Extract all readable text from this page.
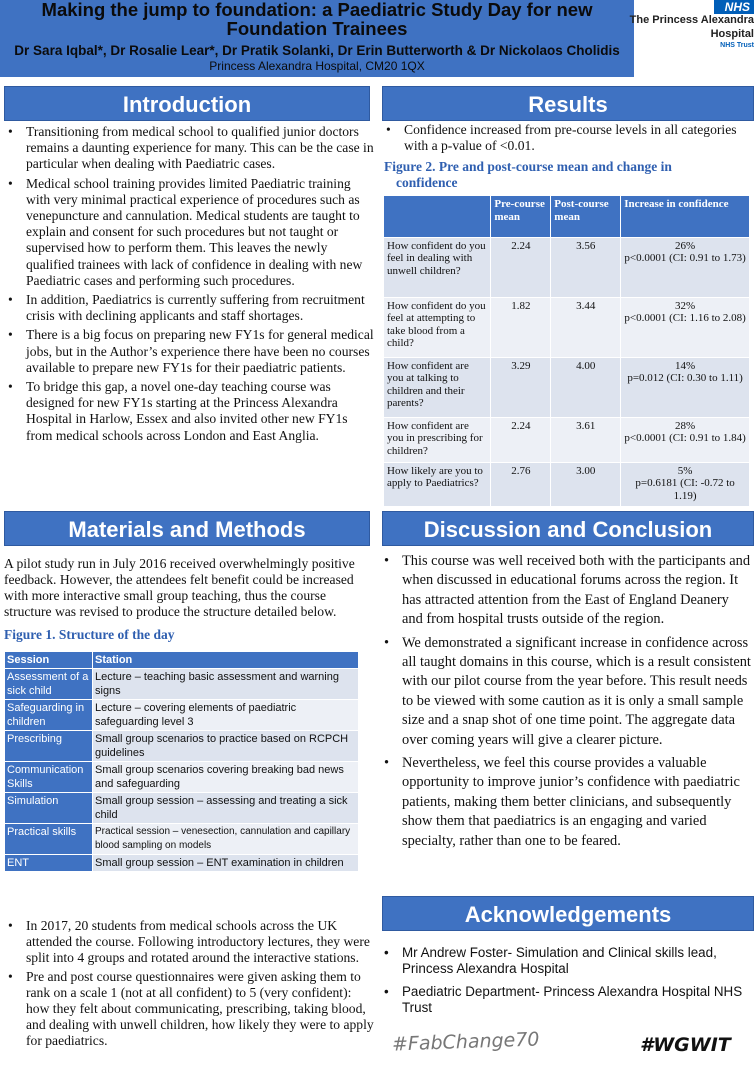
Making the jump to foundation: a Paediatric Study Day for new
Foundation Trainees
Dr Sara Iqbal*, Dr Rosalie Lear*, Dr Pratik Solanki, Dr Erin Butterworth & Dr Nickolaos Cholidis
Princess Alexandra Hospital, CM20 1QX
NHS
The Princess Alexandra
Hospital
NHS Trust
Introduction
• Transitioning from medical school to qualified junior doctors remains a daunting experience for many. This can be the case in particular when dealing with Paediatric cases.
• Medical school training provides limited Paediatric training with very minimal practical experience of procedures such as venepuncture and cannulation. Medical students are taught to explain and consent for such procedures but not taught or supervised how to perform them. This leaves the newly qualified trainees with lack of confidence in dealing with new Paediatric cases and performing such procedures.
• In addition, Paediatrics is currently suffering from recruitment crisis with declining applicants and staff shortages.
• There is a big focus on preparing new FY1s for general medical jobs, but in the Author’s experience there have been no courses available to prepare new FY1s for their paediatric patients.
• To bridge this gap, a novel one-day teaching course was designed for new FY1s starting at the Princess Alexandra Hospital in Harlow, Essex and also invited other new FY1s from medical schools across London and East Anglia.
Results
• Confidence increased from pre-course levels in all categories with a p-value of <0.01.
Figure 2. Pre and post-course mean and change in
confidence
	Pre-course mean	Post-course mean	Increase in confidence
How confident do you feel in dealing with unwell children?	2.24	3.56	26%
p<0.0001 (CI: 0.91 to 1.73)

How confident do you feel at attempting to take blood from a child?	1.82	3.44	32%
p<0.0001 (CI: 1.16 to 2.08)

How confident are you at talking to children and their parents?	3.29	4.00	14%
p=0.012 (CI: 0.30 to 1.11)

How confident are you in prescribing for children?	2.24	3.61	28%
p<0.0001 (CI: 0.91 to 1.84)

How likely are you to apply to Paediatrics?	2.76	3.00	5%
p=0.6181 (CI: -0.72 to 1.19)
Materials and Methods

A pilot study run in July 2016 received overwhelmingly positive feedback. However, the attendees felt benefit could be increased with more interactive small group teaching, thus the course structure was revised to produce the structure detailed below.

Figure 1. Structure of the day
Session	Station
Assessment of a sick child	Lecture – teaching basic assessment and warning signs
Safeguarding in children	Lecture – covering elements of paediatric safeguarding level 3
Prescribing	Small group scenarios to practice based on RCPCH guidelines
Communication Skills	Small group scenarios covering breaking bad news and safeguarding
Simulation	Small group session – assessing and treating a sick child
Practical skills	Practical session – venesection, cannulation and capillary blood sampling on models
ENT	Small group session – ENT examination in children
• In 2017, 20 students from medical schools across the UK attended the course. Following introductory lectures, they were split into 4 groups and rotated around the interactive stations.
• Pre and post course questionnaires were given asking them to rank on a scale 1 (not at all confident) to 5 (very confident): how they felt about communicating, prescribing, taking blood, and dealing with unwell children, how likely they were to apply for paediatrics.
Discussion and Conclusion
• This course was well received both with the participants and when discussed in educational forums across the region. It has attracted attention from the East of England Deanery and from hospital trusts outside of the region.
• We demonstrated a significant increase in confidence across all taught domains in this course, which is a result consistent with our pilot course from the year before. This result needs to be viewed with some caution as it is only a small sample size and a snap shot of one time point. The aggregate data over coming years will give a clearer picture.
• Nevertheless, we feel this course provides a valuable opportunity to improve junior’s confidence with paediatric patients, making them better clinicians, and subsequently show them that paediatrics is an engaging and varied specialty, rather than one to be feared.
Acknowledgements
• Mr Andrew Foster- Simulation and Clinical skills lead, Princess Alexandra Hospital
• Paediatric Department- Princess Alexandra Hospital NHS Trust
#FabChange70	#WGWIT
